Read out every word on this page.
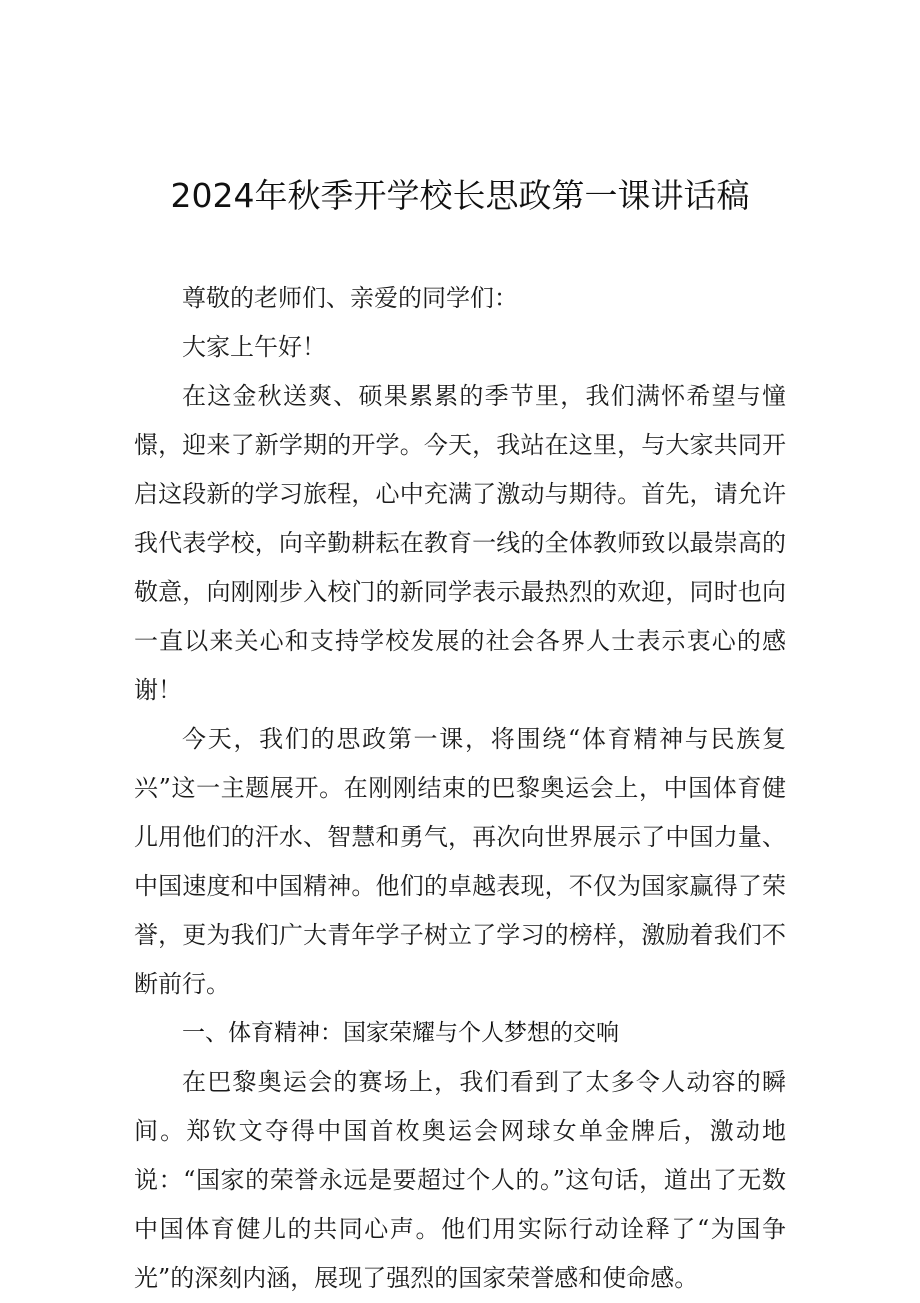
2024年秋季开学校长思政第一课讲话稿

尊敬的老师们、亲爱的同学们：

大家上午好！

在这金秋送爽、硕果累累的季节里，我们满怀希望与憧憬，迎来了新学期的开学。今天，我站在这里，与大家共同开启这段新的学习旅程，心中充满了激动与期待。首先，请允许我代表学校，向辛勤耕耘在教育一线的全体教师致以最崇高的敬意，向刚刚步入校门的新同学表示最热烈的欢迎，同时也向一直以来关心和支持学校发展的社会各界人士表示衷心的感谢！

今天，我们的思政第一课，将围绕“体育精神与民族复兴”这一主题展开。在刚刚结束的巴黎奥运会上，中国体育健儿用他们的汗水、智慧和勇气，再次向世界展示了中国力量、中国速度和中国精神。他们的卓越表现，不仅为国家赢得了荣誉，更为我们广大青年学子树立了学习的榜样，激励着我们不断前行。

一、体育精神：国家荣耀与个人梦想的交响

在巴黎奥运会的赛场上，我们看到了太多令人动容的瞬间。郑钦文夺得中国首枚奥运会网球女单金牌后，激动地说：“国家的荣誉永远是要超过个人的。”这句话，道出了无数中国体育健儿的共同心声。他们用实际行动诠释了“为国争光”的深刻内涵，展现了强烈的国家荣誉感和使命感。
